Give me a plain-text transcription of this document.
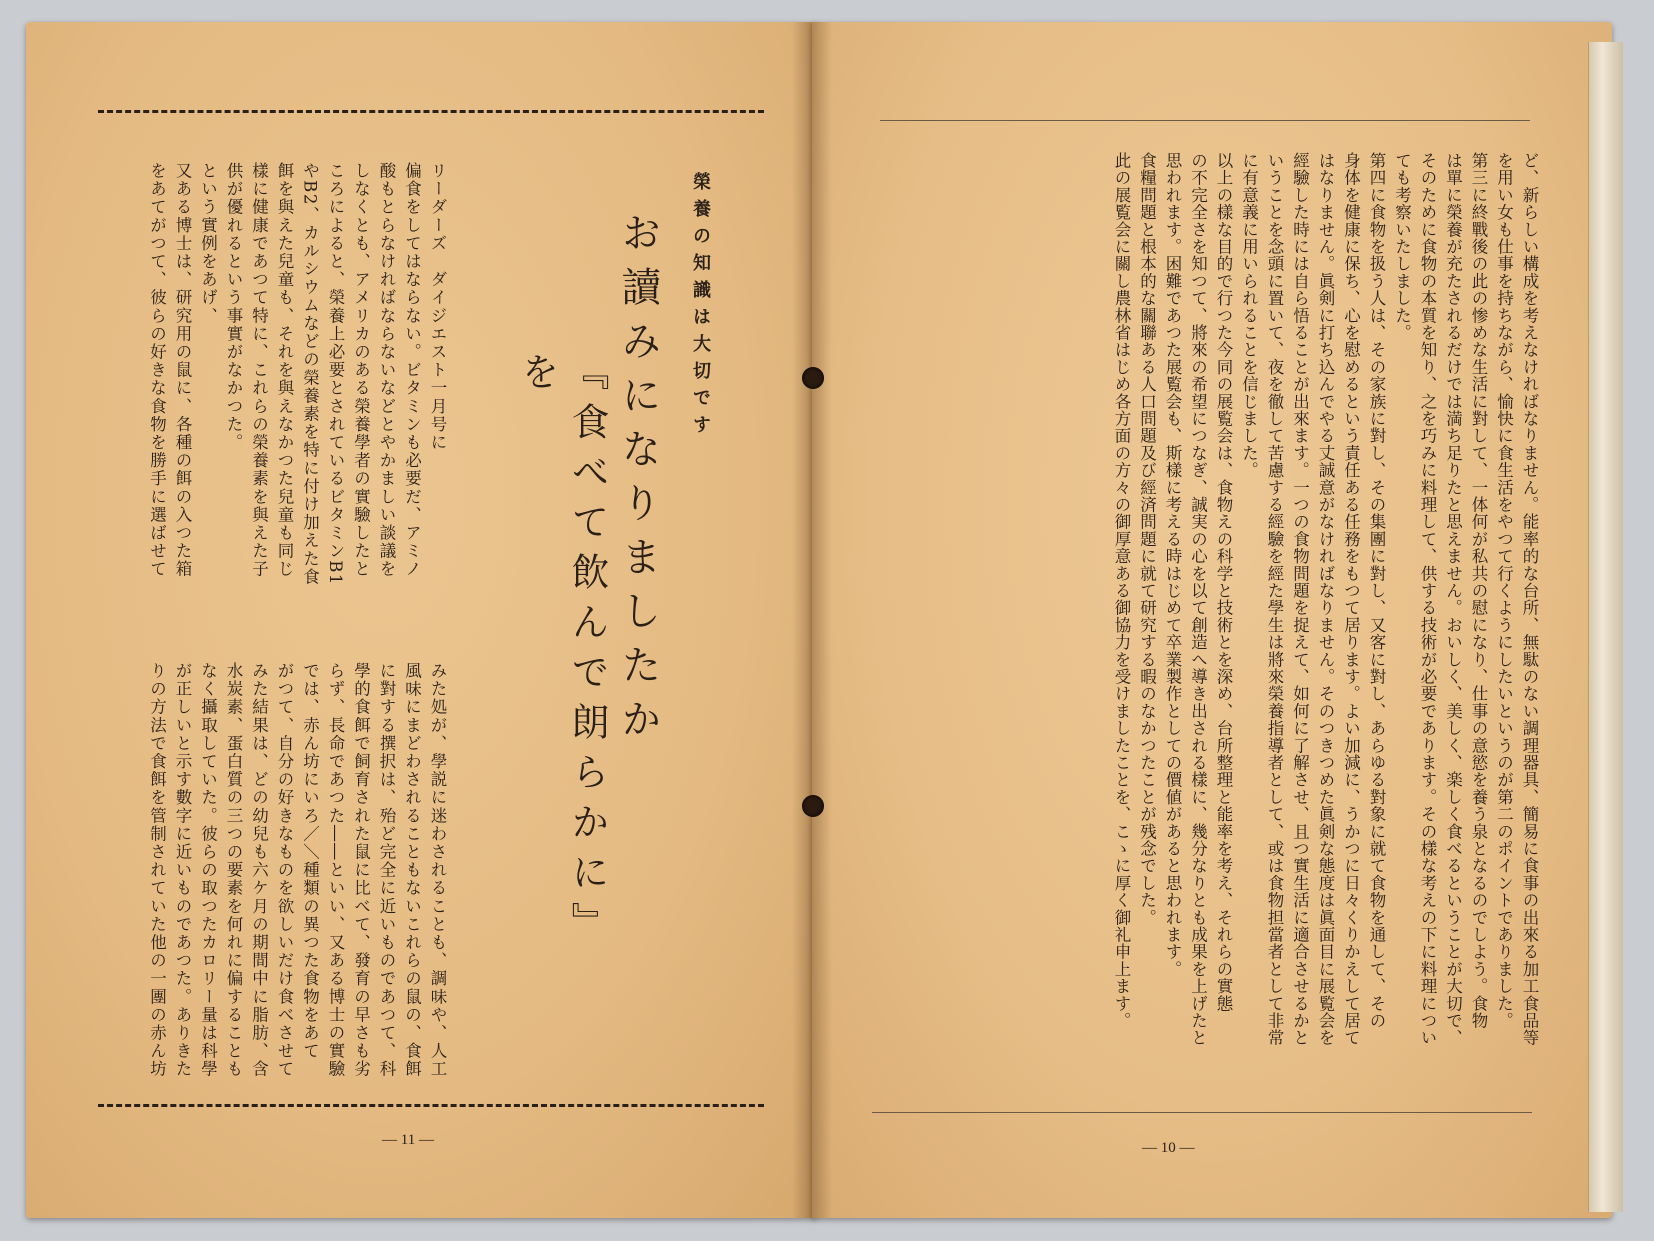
榮養の知識は大切です
お讀みになりましたか
『食べて飲んで朗らかに』を
リーダーズ　ダイジエスト一月号に
偏食をしてはならない。ビタミンも必要だ、アミノ
酸もとらなければならないなどとやかましい談議を
しなくとも、アメリカのある榮養學者の實驗したと
ころによると、榮養上必要とされているビタミンB1
やB2、カルシウムなどの榮養素を特に付け加えた食
餌を與えた兒童も、それを與えなかつた兒童も同じ
樣に健康であつて特に、これらの榮養素を與えた子
供が優れるという事實がなかつた。
という實例をあげ、
又ある博士は、研究用の鼠に、各種の餌の入つた箱
をあてがつて、彼らの好きな食物を勝手に選ばせて
みた処が、學説に迷わされることも、調味や、人工
風味にまどわされることもないこれらの鼠の、食餌
に對する撰択は、殆ど完全に近いものであつて、科
學的食餌で飼育された鼠に比べて、發育の早さも劣
らず、長命であつた――といい、又ある博士の實驗
では、赤ん坊にいろ／＼種類の異つた食物をあて
がつて、自分の好きなものを欲しいだけ食べさせて
みた結果は、どの幼兒も六ケ月の期間中に脂肪、含
水炭素、蛋白質の三つの要素を何れに偏することも
なく攝取していた。彼らの取つたカロリー量は科學
が正しいと示す數字に近いものであつた。ありきた
りの方法で食餌を管制されていた他の一團の赤ん坊
— 11 —
ど、新らしい構成を考えなければなりません。能率的な台所、無駄のない調理器具、簡易に食事の出來る加工食品等
を用い女も仕事を持ちながら、愉快に食生活をやつて行くようにしたいというのが第二のポイントでありました。
第三に終戰後の此の惨めな生活に對して、一体何が私共の慰になり、仕事の意慾を養う泉となるのでしよう。食物
は單に榮養が充たされるだけでは満ち足りたと思えません。おいしく、美しく、楽しく食べるということが大切で、
そのために食物の本質を知り、之を巧みに料理して、供する技術が必要であります。その樣な考えの下に料理につい
ても考察いたしました。
第四に食物を扱う人は、その家族に對し、その集團に對し、又客に對し、あらゆる對象に就て食物を通して、その
身体を健康に保ち、心を慰めるという責任ある任務をもつて居ります。よい加減に、うかつに日々くりかえして居て
はなりません。眞剣に打ち込んでやる丈誠意がなければなりません。そのつきつめた眞剣な態度は眞面目に展覧会を
經驗した時には自ら悟ることが出來ます。一つの食物問題を捉えて、如何に了解させ、且つ實生活に適合させるかと
いうことを念頭に置いて、夜を徹して苦慮する經驗を經た學生は將來榮養指導者として、或は食物担當者として非常
に有意義に用いられることを信じました。
以上の樣な目的で行つた今同の展覧会は、食物えの科学と技術とを深め、台所整理と能率を考え、それらの實態
の不完全さを知つて、將來の希望につなぎ、誠実の心を以て創造へ導き出される樣に、幾分なりとも成果を上げたと
思われます。困難であつた展覧会も、斯樣に考える時はじめて卒業製作としての價値があると思われます。
食糧問題と根本的な關聯ある人口問題及び經済問題に就て研究する暇のなかつたことが残念でした。
此の展覧会に關し農林省はじめ各方面の方々の御厚意ある御協力を受けましたことを、こゝに厚く御礼申上ます。
— 10 —
